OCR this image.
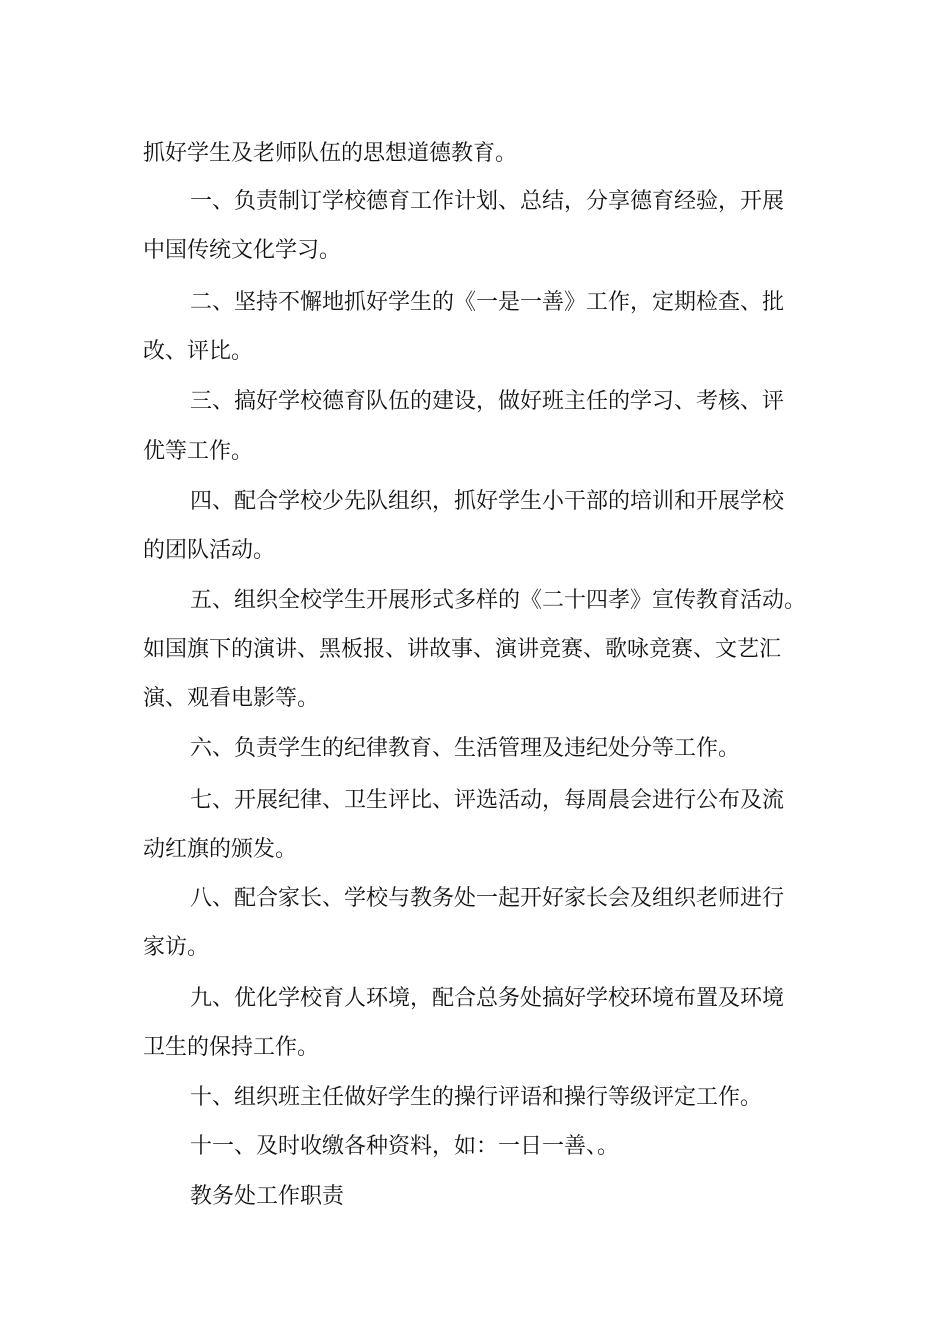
抓好学生及老师队伍的思想道德教育。
一、负责制订学校德育工作计划、总结，分享德育经验，开展
中国传统文化学习。
二、坚持不懈地抓好学生的《一是一善》工作，定期检查、批
改、评比。
三、搞好学校德育队伍的建设，做好班主任的学习、考核、评
优等工作。
四、配合学校少先队组织，抓好学生小干部的培训和开展学校
的团队活动。
五、组织全校学生开展形式多样的《二十四孝》宣传教育活动。
如国旗下的演讲、黑板报、讲故事、演讲竞赛、歌咏竞赛、文艺汇
演、观看电影等。
六、负责学生的纪律教育、生活管理及违纪处分等工作。
七、开展纪律、卫生评比、评选活动，每周晨会进行公布及流
动红旗的颁发。
八、配合家长、学校与教务处一起开好家长会及组织老师进行
家访。
九、优化学校育人环境，配合总务处搞好学校环境布置及环境
卫生的保持工作。
十、组织班主任做好学生的操行评语和操行等级评定工作。
十一、及时收缴各种资料，如：一日一善、。
教务处工作职责
